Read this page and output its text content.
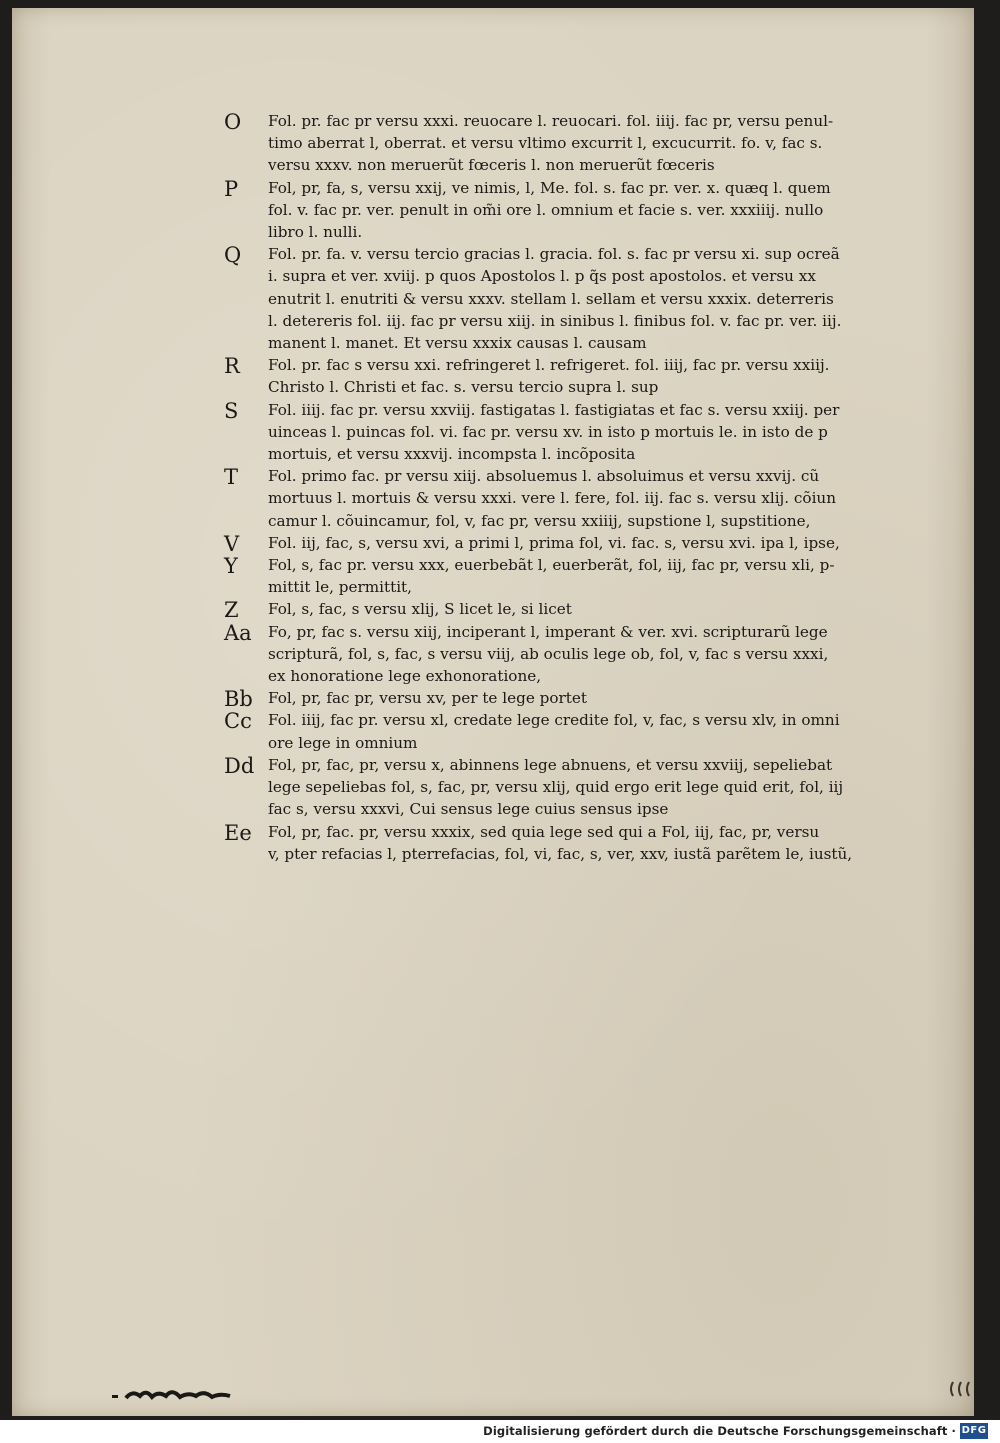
O Fol. pr. fac pr versu xxxi. reuocare l. reuocari. fol. iiij. fac pr, versu penul-
timo aberrat l, oberrat. et versu vltimo excurrit l, excucurrit. fo. v, fac s.
versu xxxv. non meruerũt fœceris l. non meruerũt fœceris
P Fol, pr, fa, s, versu xxij, ve nimis, l, Me. fol. s. fac pr. ver. x. quæq l. quem
fol. v. fac pr. ver. penult in om̃i ore l. omnium et facie s. ver. xxxiiij. nullo
libro l. nulli.
Q Fol. pr. fa. v. versu tercio gracias l. gracia. fol. s. fac pr versu xi. sup ocreã
i. supra et ver. xviij. p quos Apostolos l. p q̃s post apostolos. et versu xx
enutrit l. enutriti & versu xxxv. stellam l. sellam et versu xxxix. deterreris
l. detereris fol. iij. fac pr versu xiij. in sinibus l. finibus fol. v. fac pr. ver. iij.
manent l. manet. Et versu xxxix causas l. causam
R Fol. pr. fac s versu xxi. refringeret l. refrigeret. fol. iiij, fac pr. versu xxiij.
Christo l. Christi et fac. s. versu tercio supra l. sup
S Fol. iiij. fac pr. versu xxviij. fastigatas l. fastigiatas et fac s. versu xxiij. per
uinceas l. puincas fol. vi. fac pr. versu xv. in isto p mortuis le. in isto de p
mortuis, et versu xxxvij. incompsta l. incõposita
T Fol. primo fac. pr versu xiij. absoluemus l. absoluimus et versu xxvij. cũ
mortuus l. mortuis & versu xxxi. vere l. fere, fol. iij. fac s. versu xlij. cõiun
camur l. cõuincamur, fol, v, fac pr, versu xxiiij, supstione l, supstitione,
V Fol. iij, fac, s, versu xvi, a primi l, prima fol, vi. fac. s, versu xvi. ipa l, ipse,
Y Fol, s, fac pr. versu xxx, euerbebãt l, euerberãt, fol, iij, fac pr, versu xli, p-
mittit le, permittit,
Z Fol, s, fac, s versu xlij, S licet le, si licet
Aa Fo, pr, fac s. versu xiij, inciperant l, imperant & ver. xvi. scripturarũ lege
scripturã, fol, s, fac, s versu viij, ab oculis lege ob, fol, v, fac s versu xxxi,
ex honoratione lege exhonoratione,
Bb Fol, pr, fac pr, versu xv, per te lege portet
Cc Fol. iiij, fac pr. versu xl, credate lege credite fol, v, fac, s versu xlv, in omni
ore lege in omnium
Dd Fol, pr, fac, pr, versu x, abinnens lege abnuens, et versu xxviij, sepeliebat
lege sepeliebas fol, s, fac, pr, versu xlij, quid ergo erit lege quid erit, fol, iij
fac s, versu xxxvi, Cui sensus lege cuius sensus ipse
Ee Fol, pr, fac. pr, versu xxxix, sed quia lege sed qui a Fol, iij, fac, pr, versu
v, pter refacias l, pterrefacias, fol, vi, fac, s, ver, xxv, iustã parẽtem le, iustũ,
Digitalisierung gefördert durch die Deutsche Forschungsgemeinschaft · DFG
